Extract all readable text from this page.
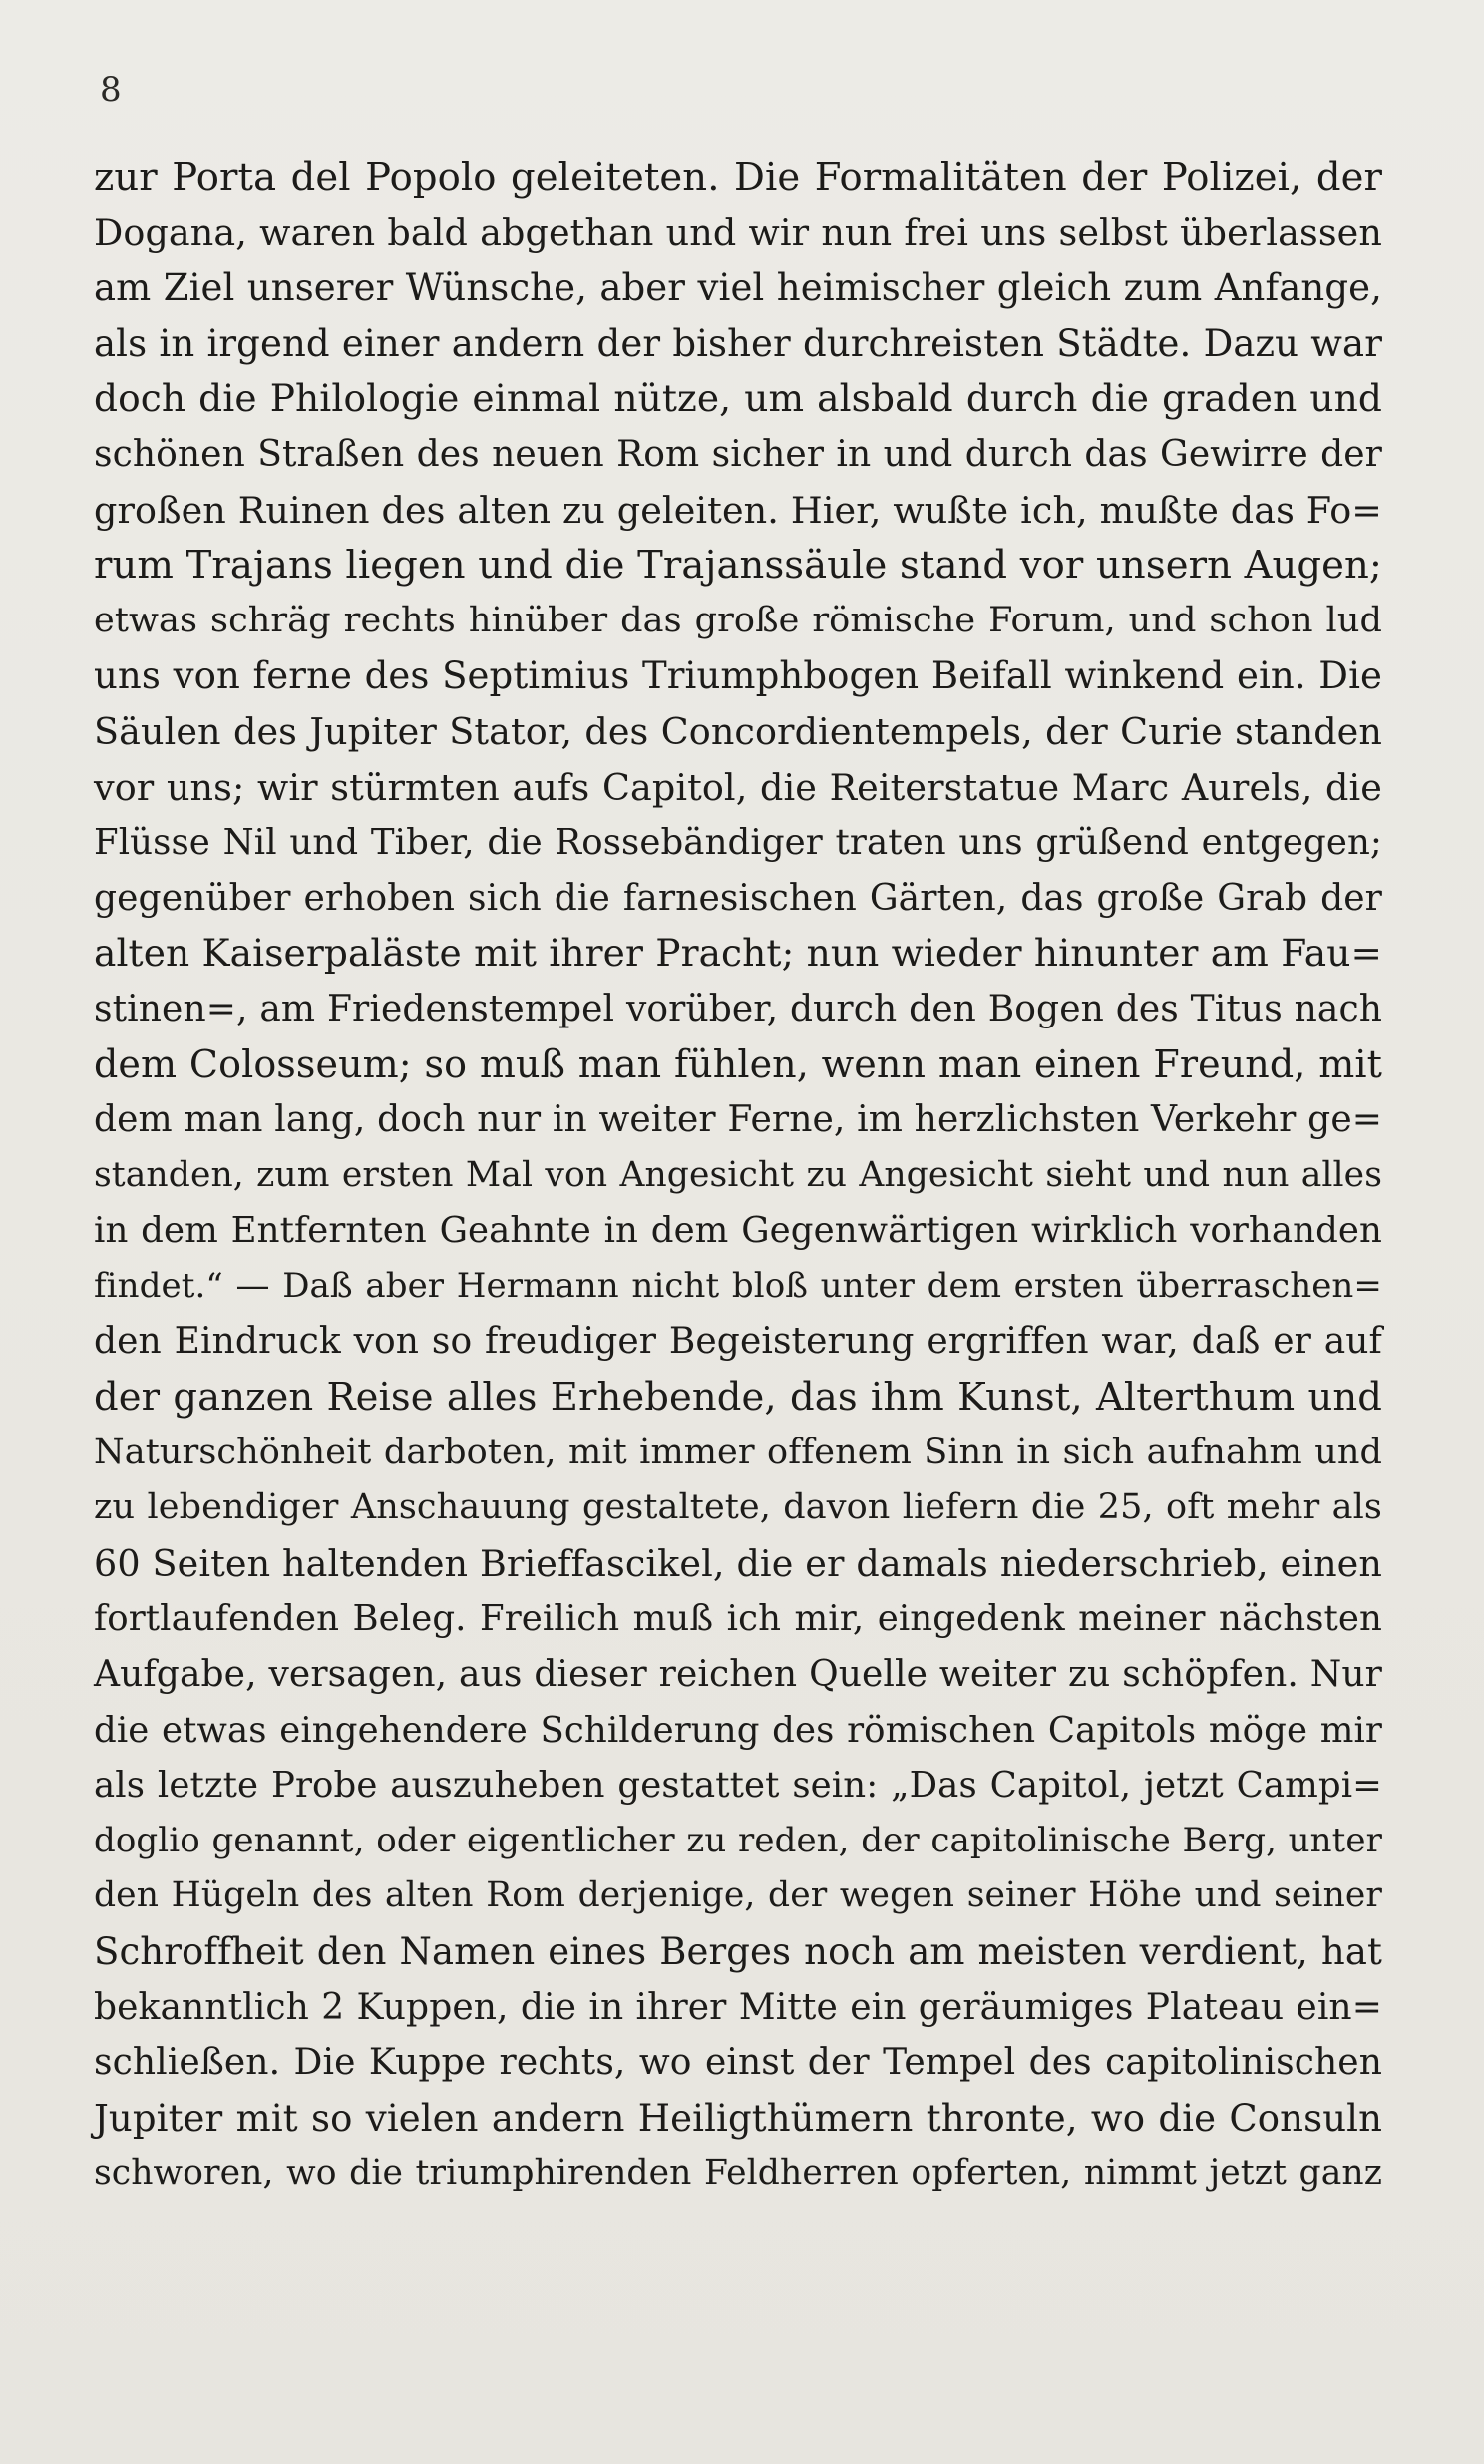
8
zur Porta del Popolo geleiteten. Die Formalitäten der Polizei, der
Dogana, waren bald abgethan und wir nun frei uns selbst überlassen
am Ziel unserer Wünsche, aber viel heimischer gleich zum Anfange,
als in irgend einer andern der bisher durchreisten Städte. Dazu war
doch die Philologie einmal nütze, um alsbald durch die graden und
schönen Straßen des neuen Rom sicher in und durch das Gewirre der
großen Ruinen des alten zu geleiten. Hier, wußte ich, mußte das Fo=
rum Trajans liegen und die Trajanssäule stand vor unsern Augen;
etwas schräg rechts hinüber das große römische Forum, und schon lud
uns von ferne des Septimius Triumphbogen Beifall winkend ein. Die
Säulen des Jupiter Stator, des Concordientempels, der Curie standen
vor uns; wir stürmten aufs Capitol, die Reiterstatue Marc Aurels, die
Flüsse Nil und Tiber, die Rossebändiger traten uns grüßend entgegen;
gegenüber erhoben sich die farnesischen Gärten, das große Grab der
alten Kaiserpaläste mit ihrer Pracht; nun wieder hinunter am Fau=
stinen=, am Friedenstempel vorüber, durch den Bogen des Titus nach
dem Colosseum; so muß man fühlen, wenn man einen Freund, mit
dem man lang, doch nur in weiter Ferne, im herzlichsten Verkehr ge=
standen, zum ersten Mal von Angesicht zu Angesicht sieht und nun alles
in dem Entfernten Geahnte in dem Gegenwärtigen wirklich vorhanden
findet.“ — Daß aber Hermann nicht bloß unter dem ersten überraschen=
den Eindruck von so freudiger Begeisterung ergriffen war, daß er auf
der ganzen Reise alles Erhebende, das ihm Kunst, Alterthum und
Naturschönheit darboten, mit immer offenem Sinn in sich aufnahm und
zu lebendiger Anschauung gestaltete, davon liefern die 25, oft mehr als
60 Seiten haltenden Brieffascikel, die er damals niederschrieb, einen
fortlaufenden Beleg. Freilich muß ich mir, eingedenk meiner nächsten
Aufgabe, versagen, aus dieser reichen Quelle weiter zu schöpfen. Nur
die etwas eingehendere Schilderung des römischen Capitols möge mir
als letzte Probe auszuheben gestattet sein: „Das Capitol, jetzt Campi=
doglio genannt, oder eigentlicher zu reden, der capitolinische Berg, unter
den Hügeln des alten Rom derjenige, der wegen seiner Höhe und seiner
Schroffheit den Namen eines Berges noch am meisten verdient, hat
bekanntlich 2 Kuppen, die in ihrer Mitte ein geräumiges Plateau ein=
schließen. Die Kuppe rechts, wo einst der Tempel des capitolinischen
Jupiter mit so vielen andern Heiligthümern thronte, wo die Consuln
schworen, wo die triumphirenden Feldherren opferten, nimmt jetzt ganz
